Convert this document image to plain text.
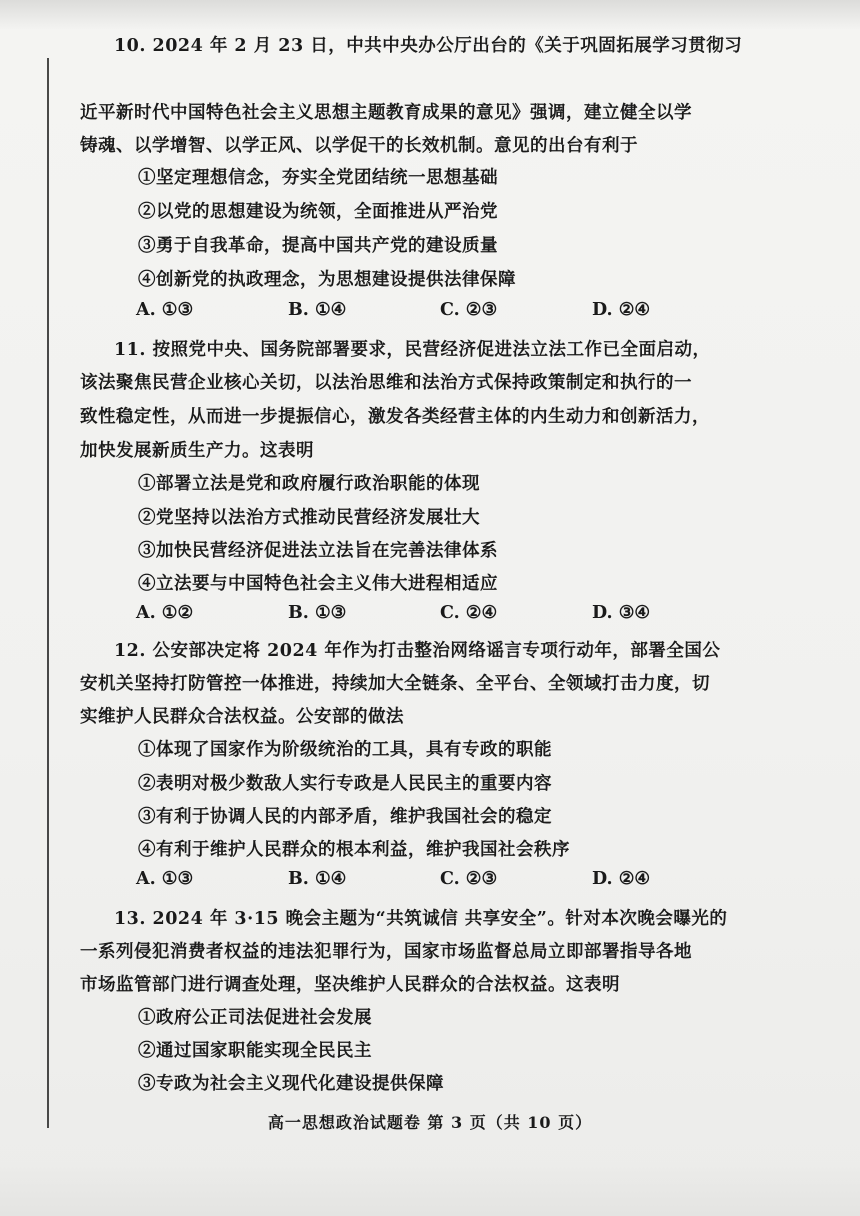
10. 2024 年 2 月 23 日，中共中央办公厅出台的《关于巩固拓展学习贯彻习
近平新时代中国特色社会主义思想主题教育成果的意见》强调，建立健全以学
铸魂、以学增智、以学正风、以学促干的长效机制。意见的出台有利于
①坚定理想信念，夯实全党团结统一思想基础
②以党的思想建设为统领，全面推进从严治党
③勇于自我革命，提高中国共产党的建设质量
④创新党的执政理念，为思想建设提供法律保障
A. ①③	B. ①④	C. ②③	D. ②④
11. 按照党中央、国务院部署要求，民营经济促进法立法工作已全面启动，
该法聚焦民营企业核心关切，以法治思维和法治方式保持政策制定和执行的一
致性稳定性，从而进一步提振信心，激发各类经营主体的内生动力和创新活力，
加快发展新质生产力。这表明
①部署立法是党和政府履行政治职能的体现
②党坚持以法治方式推动民营经济发展壮大
③加快民营经济促进法立法旨在完善法律体系
④立法要与中国特色社会主义伟大进程相适应
A. ①②	B. ①③	C. ②④	D. ③④
12. 公安部决定将 2024 年作为打击整治网络谣言专项行动年，部署全国公
安机关坚持打防管控一体推进，持续加大全链条、全平台、全领域打击力度，切
实维护人民群众合法权益。公安部的做法
①体现了国家作为阶级统治的工具，具有专政的职能
②表明对极少数敌人实行专政是人民民主的重要内容
③有利于协调人民的内部矛盾，维护我国社会的稳定
④有利于维护人民群众的根本利益，维护我国社会秩序
A. ①③	B. ①④	C. ②③	D. ②④
13. 2024 年 3·15 晚会主题为“共筑诚信 共享安全”。针对本次晚会曝光的
一系列侵犯消费者权益的违法犯罪行为，国家市场监督总局立即部署指导各地
市场监管部门进行调查处理，坚决维护人民群众的合法权益。这表明
①政府公正司法促进社会发展
②通过国家职能实现全民民主
③专政为社会主义现代化建设提供保障
高一思想政治试题卷 第 3 页（共 10 页）
